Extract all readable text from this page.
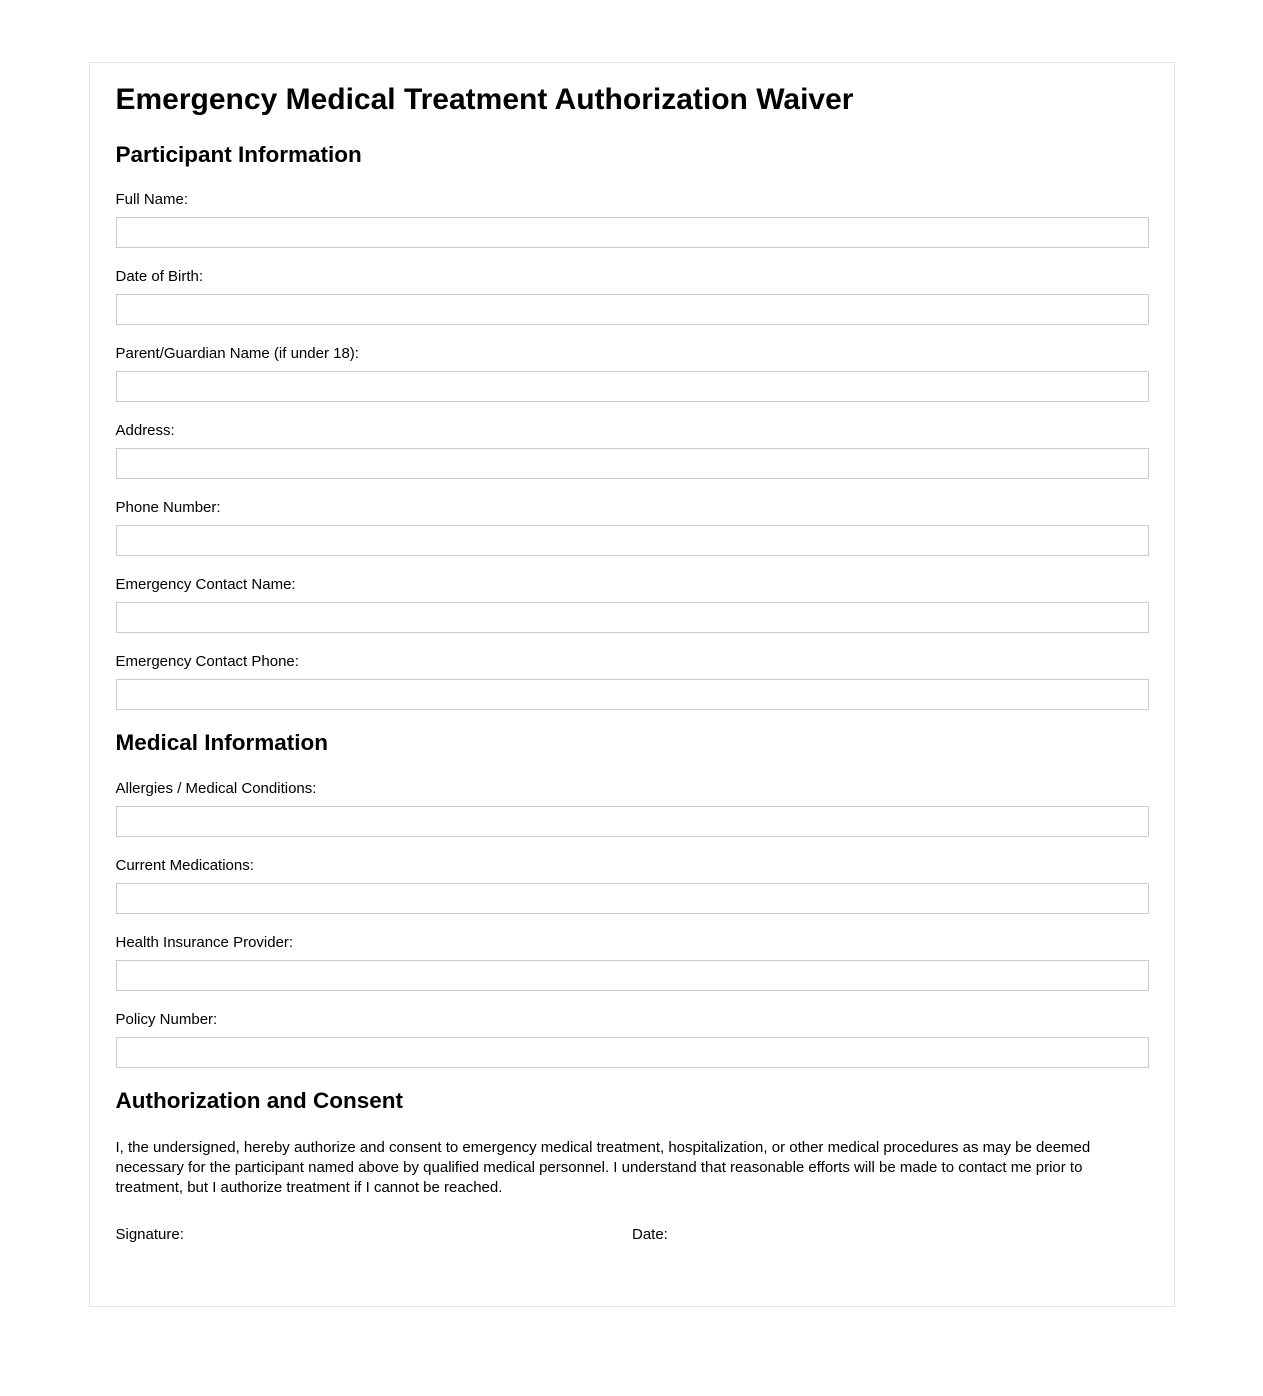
Emergency Medical Treatment Authorization Waiver
Participant Information
Full Name:
Date of Birth:
Parent/Guardian Name (if under 18):
Address:
Phone Number:
Emergency Contact Name:
Emergency Contact Phone:
Medical Information
Allergies / Medical Conditions:
Current Medications:
Health Insurance Provider:
Policy Number:
Authorization and Consent

I, the undersigned, hereby authorize and consent to emergency medical treatment, hospitalization, or other medical procedures as may be deemed necessary for the participant named above by qualified medical personnel. I understand that reasonable efforts will be made to contact me prior to treatment, but I authorize treatment if I cannot be reached.

Signature:	Date:
